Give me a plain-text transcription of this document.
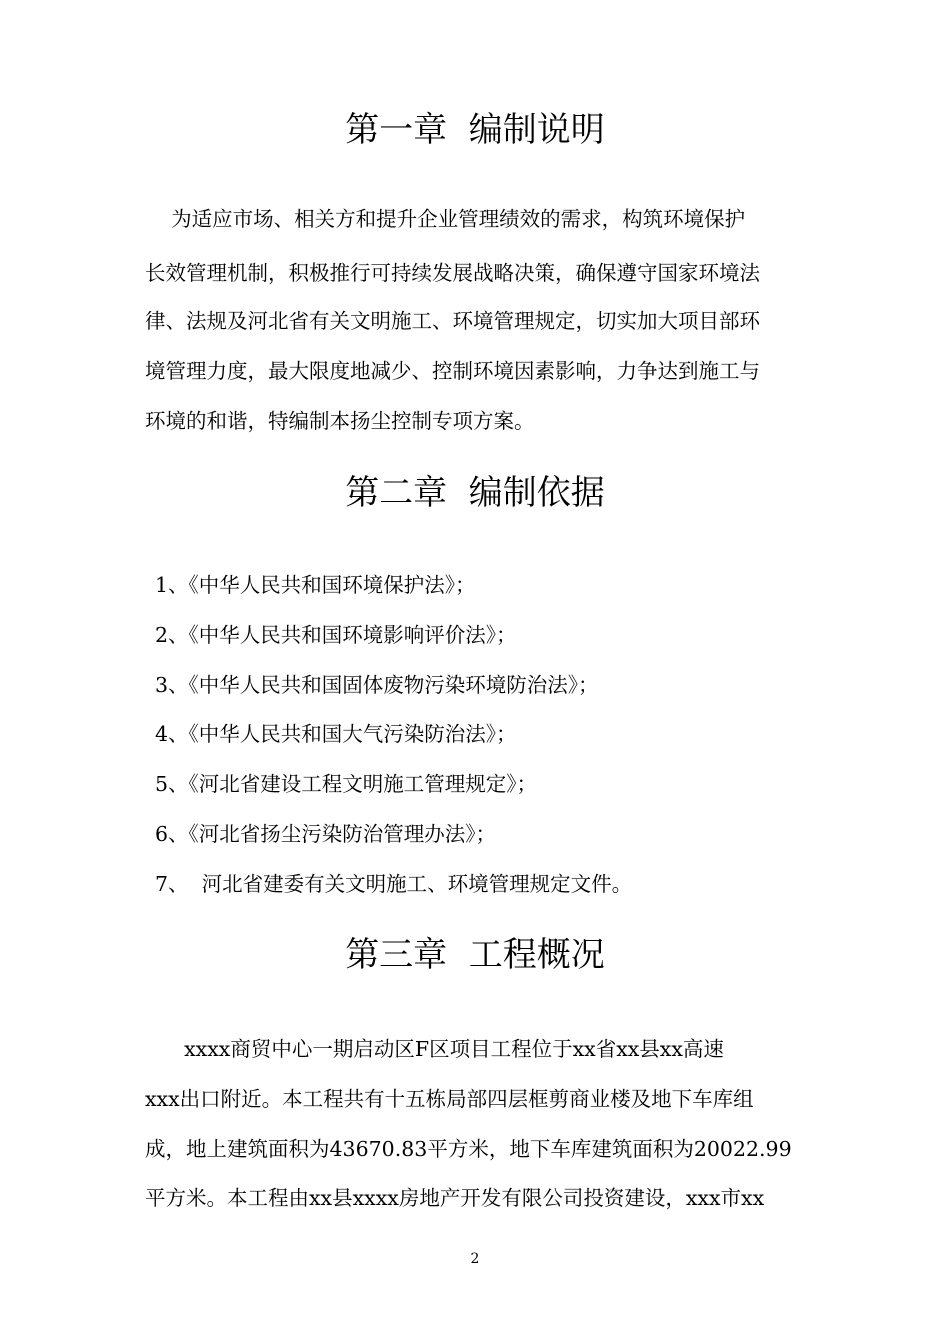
第一章  编制说明

为适应市场、相关方和提升企业管理绩效的需求，构筑环境保护

长效管理机制，积极推行可持续发展战略决策，确保遵守国家环境法

律、法规及河北省有关文明施工、环境管理规定，切实加大项目部环

境管理力度，最大限度地减少、控制环境因素影响，力争达到施工与

环境的和谐，特编制本扬尘控制专项方案。

第二章  编制依据

1、《中华人民共和国环境保护法》；

2、《中华人民共和国环境影响评价法》；

3、《中华人民共和国固体废物污染环境防治法》；

4、《中华人民共和国大气污染防治法》；

5、《河北省建设工程文明施工管理规定》；

6、《河北省扬尘污染防治管理办法》；

7、  河北省建委有关文明施工、环境管理规定文件。

第三章  工程概况

xxxx商贸中心一期启动区F区项目工程位于xx省xx县xx高速

xxx出口附近。本工程共有十五栋局部四层框剪商业楼及地下车库组

成，地上建筑面积为43670.83平方米，地下车库建筑面积为20022.99

平方米。本工程由xx县xxxx房地产开发有限公司投资建设，xxx市xx

2
